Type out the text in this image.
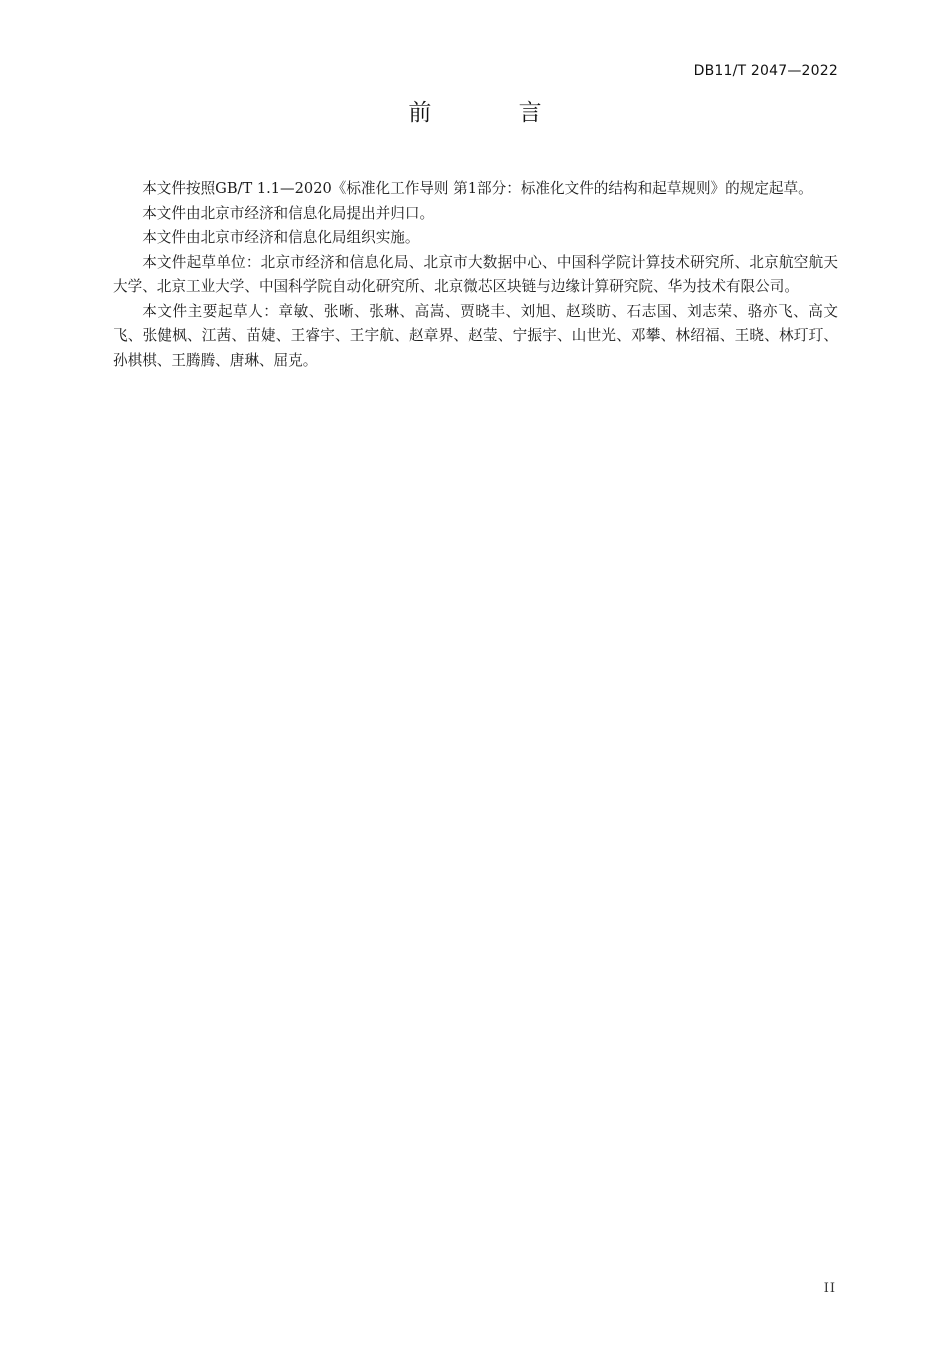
DB11/T 2047—2022
前 言

本文件按照GB/T 1.1—2020《标准化工作导则 第1部分：标准化文件的结构和起草规则》的规定起草。

本文件由北京市经济和信息化局提出并归口。

本文件由北京市经济和信息化局组织实施。

本文件起草单位：北京市经济和信息化局、北京市大数据中心、中国科学院计算技术研究所、北京航空航天大学、北京工业大学、中国科学院自动化研究所、北京微芯区块链与边缘计算研究院、华为技术有限公司。

本文件主要起草人：章敏、张晰、张琳、高嵩、贾晓丰、刘旭、赵琰昉、石志国、刘志荣、骆亦飞、高文飞、张健枫、江茜、苗婕、王睿宇、王宇航、赵章界、赵莹、宁振宇、山世光、邓攀、林绍福、王晓、林玎玎、孙棋棋、王腾腾、唐琳、屈克。

II
